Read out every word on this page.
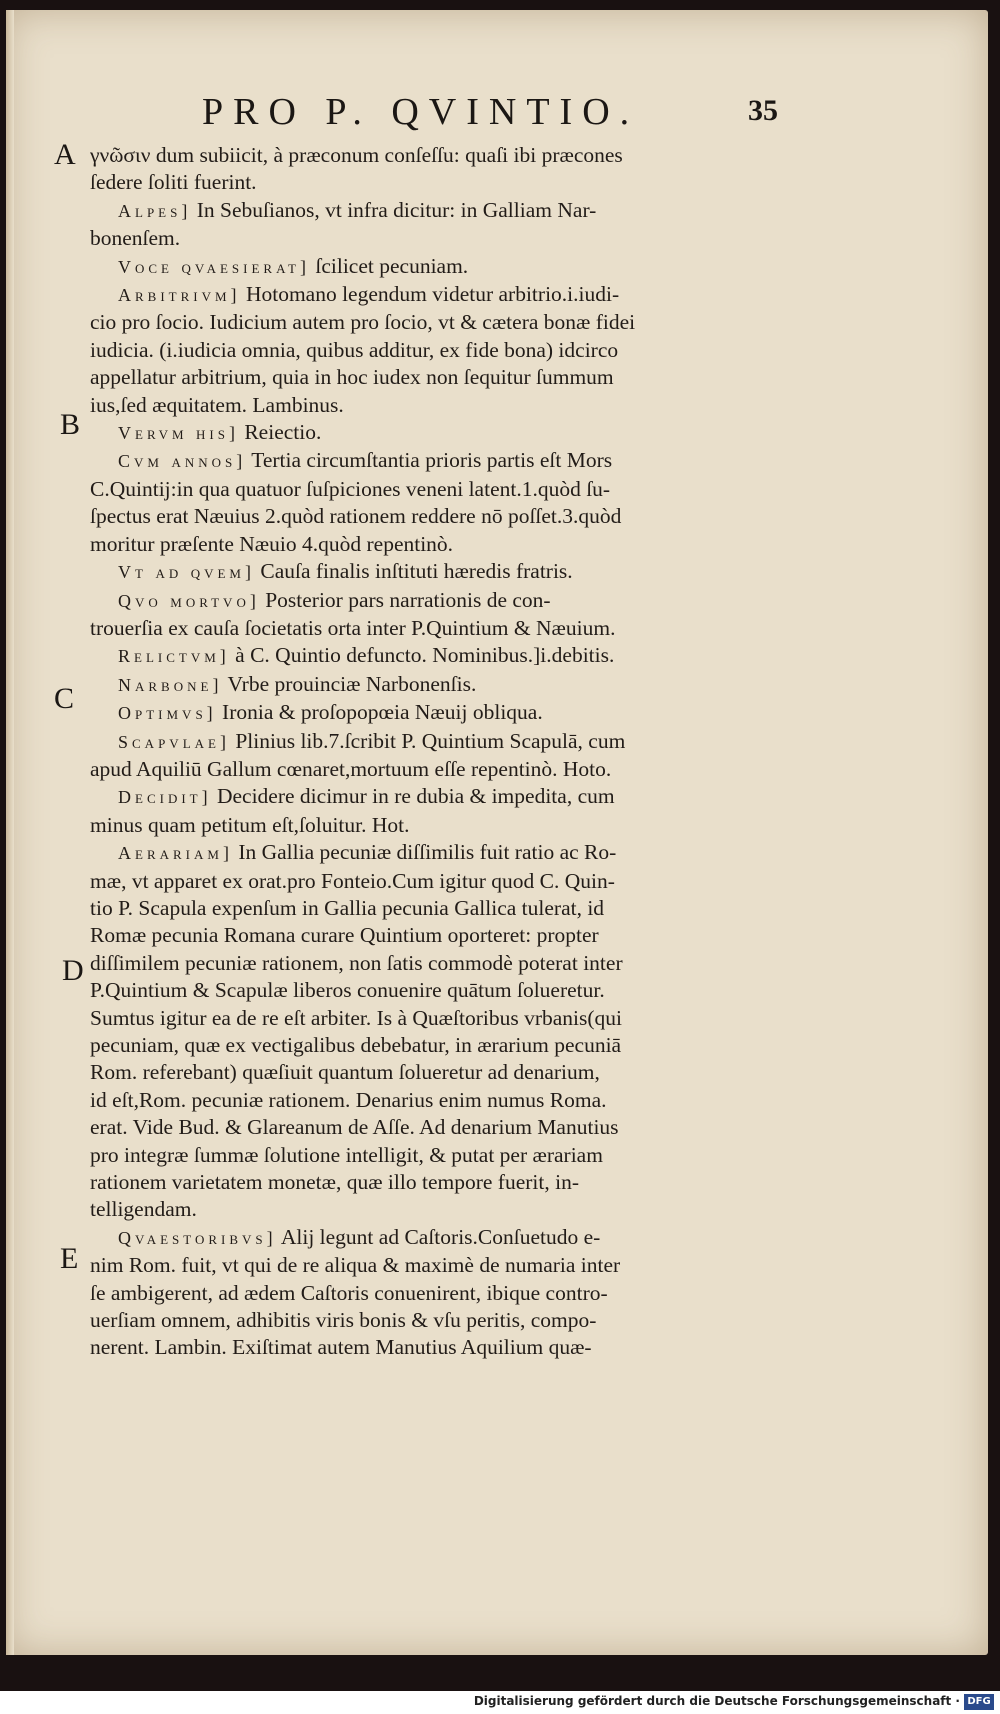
PRO P. QVINTIO.	35
A
B
C
D
E
γνῶσιν dum subiicit, à præconum conſeſſu: quaſi ibi præcones
ſedere ſoliti fuerint.
Alpes] In Sebuſianos, vt infra dicitur: in Galliam Nar-
bonenſem.
Voce qvaesierat] ſcilicet pecuniam.
Arbitrivm] Hotomano legendum videtur arbitrio.i.iudi-
cio pro ſocio. Iudicium autem pro ſocio, vt & cætera bonæ fidei
iudicia. (i.iudicia omnia, quibus additur, ex fide bona) idcirco
appellatur arbitrium, quia in hoc iudex non ſequitur ſummum
ius,ſed æquitatem. Lambinus.
Vervm his] Reiectio.
Cvm annos] Tertia circumſtantia prioris partis eſt Mors
C.Quintij:in qua quatuor ſuſpiciones veneni latent.1.quòd ſu-
ſpectus erat Næuius 2.quòd rationem reddere nō poſſet.3.quòd
moritur præſente Næuio 4.quòd repentinò.
Vt ad qvem] Cauſa finalis inſtituti hæredis fratris.
Qvo mortvo] Posterior pars narrationis de con-
trouerſia ex cauſa ſocietatis orta inter P.Quintium & Næuium.
Relictvm] à C. Quintio defuncto. Nominibus.]i.debitis.
Narbone] Vrbe prouinciæ Narbonenſis.
Optimvs] Ironia & proſopopœia Næuij obliqua.
Scapvlae] Plinius lib.7.ſcribit P. Quintium Scapulā, cum
apud Aquiliū Gallum cœnaret,mortuum eſſe repentinò. Hoto.
Decidit] Decidere dicimur in re dubia & impedita, cum
minus quam petitum eſt,ſoluitur. Hot.
Aerariam] In Gallia pecuniæ diſſimilis fuit ratio ac Ro-
mæ, vt apparet ex orat.pro Fonteio.Cum igitur quod C. Quin-
tio P. Scapula expenſum in Gallia pecunia Gallica tulerat, id
Romæ pecunia Romana curare Quintium oporteret: propter
diſſimilem pecuniæ rationem, non ſatis commodè poterat inter
P.Quintium & Scapulæ liberos conuenire quātum ſolueretur.
Sumtus igitur ea de re eſt arbiter. Is à Quæſtoribus vrbanis(qui
pecuniam, quæ ex vectigalibus debebatur, in ærarium pecuniā
Rom. referebant) quæſiuit quantum ſolueretur ad denarium,
id eſt,Rom. pecuniæ rationem. Denarius enim numus Roma.
erat. Vide Bud. & Glareanum de Aſſe. Ad denarium Manutius
pro integræ ſummæ ſolutione intelligit, & putat per ærariam
rationem varietatem monetæ, quæ illo tempore fuerit, in-
telligendam.
Qvaestoribvs] Alij legunt ad Caſtoris.Conſuetudo e-
nim Rom. fuit, vt qui de re aliqua & maximè de numaria inter
ſe ambigerent, ad ædem Caſtoris conuenirent, ibique contro-
uerſiam omnem, adhibitis viris bonis & vſu peritis, compo-
nerent. Lambin. Exiſtimat autem Manutius Aquilium quæ-
Digitalisierung gefördert durch die Deutsche Forschungsgemeinschaft · DFG
